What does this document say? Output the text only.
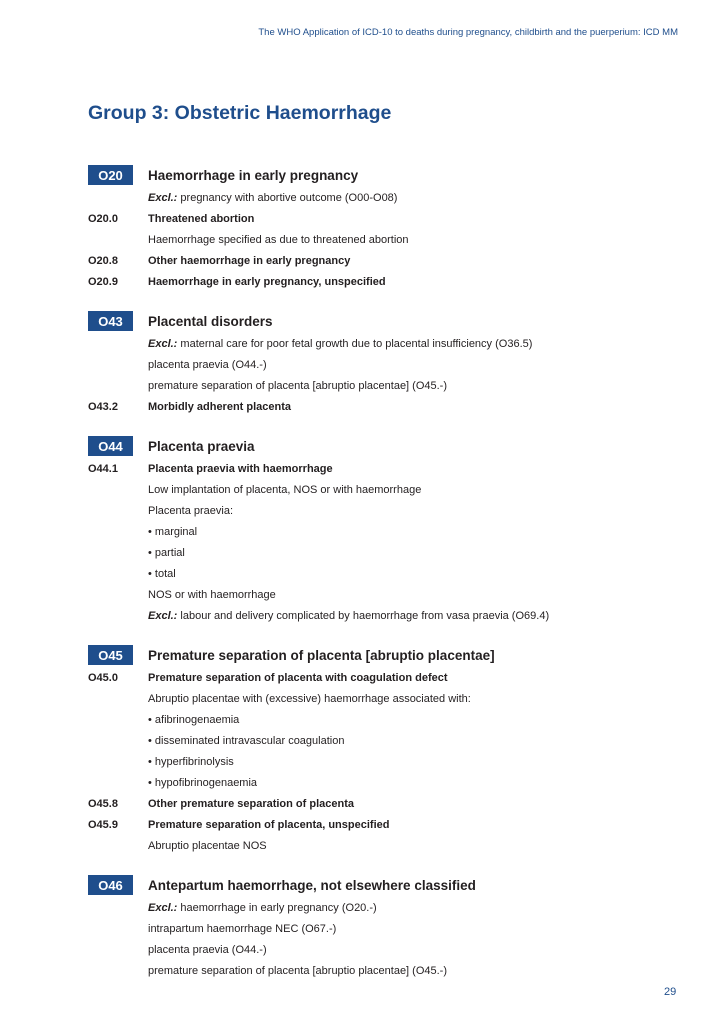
The WHO Application of ICD-10 to deaths during pregnancy, childbirth and the puerperium: ICD MM
Group 3: Obstetric Haemorrhage
O20	Haemorrhage in early pregnancy
Excl.: pregnancy with abortive outcome (O00-O08)
O20.0	Threatened abortion
Haemorrhage specified as due to threatened abortion
O20.8	Other haemorrhage in early pregnancy
O20.9	Haemorrhage in early pregnancy, unspecified
O43	Placental disorders
Excl.: maternal care for poor fetal growth due to placental insufficiency (O36.5)
placenta praevia (O44.-)
premature separation of placenta [abruptio placentae] (O45.-)
O43.2	Morbidly adherent placenta
O44	Placenta praevia
O44.1	Placenta praevia with haemorrhage
Low implantation of placenta, NOS or with haemorrhage
Placenta praevia:
• marginal
• partial
• total
NOS or with haemorrhage
Excl.: labour and delivery complicated by haemorrhage from vasa praevia (O69.4)
O45	Premature separation of placenta [abruptio placentae]
O45.0	Premature separation of placenta with coagulation defect
Abruptio placentae with (excessive) haemorrhage associated with:
• afibrinogenaemia
• disseminated intravascular coagulation
• hyperfibrinolysis
• hypofibrinogenaemia
O45.8	Other premature separation of placenta
O45.9	Premature separation of placenta, unspecified
Abruptio placentae NOS
O46	Antepartum haemorrhage, not elsewhere classified
Excl.: haemorrhage in early pregnancy (O20.-)
intrapartum haemorrhage NEC (O67.-)
placenta praevia (O44.-)
premature separation of placenta [abruptio placentae] (O45.-)
29
